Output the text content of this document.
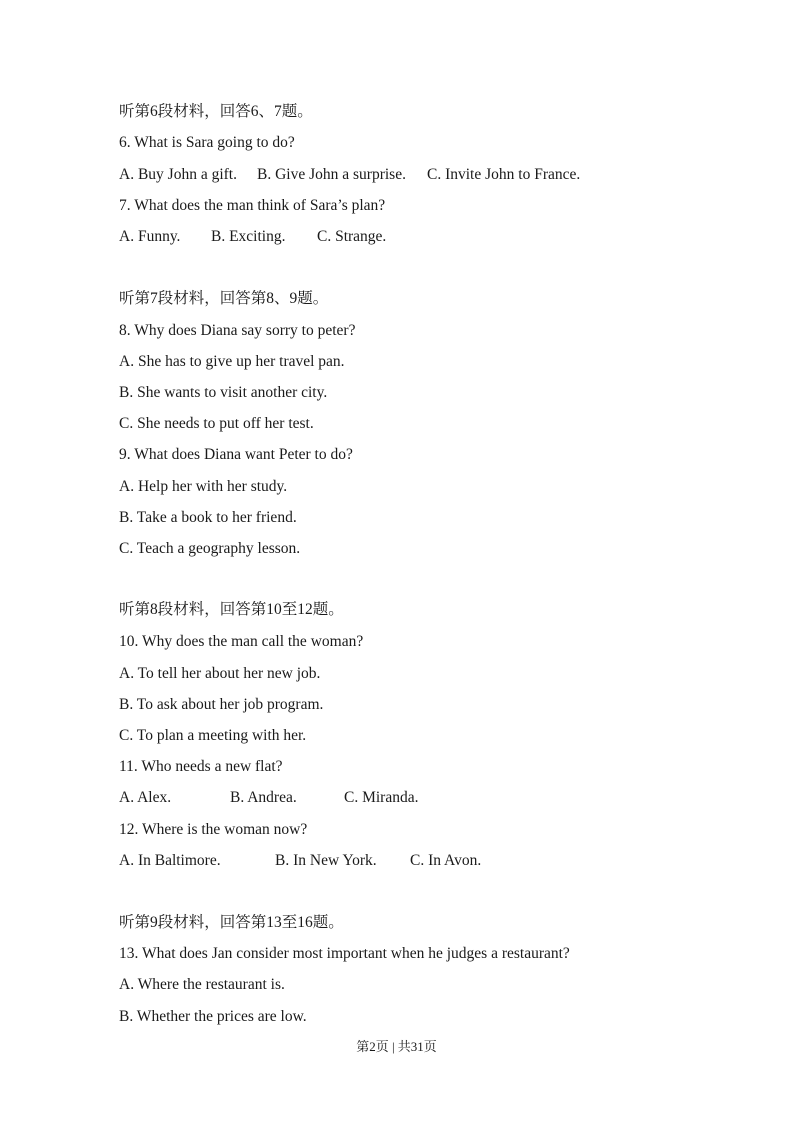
听第6段材料，回答6、7题。
6. What is Sara going to do?
A. Buy John a gift. B. Give John a surprise. C. Invite John to France.
7. What does the man think of Sara’s plan?
A. Funny. B. Exciting. C. Strange.
听第7段材料，回答第8、9题。
8. Why does Diana say sorry to peter?
A. She has to give up her travel pan.
B. She wants to visit another city.
C. She needs to put off her test.
9. What does Diana want Peter to do?
A. Help her with her study.
B. Take a book to her friend.
C. Teach a geography lesson.
听第8段材料，回答第10至12题。
10. Why does the man call the woman?
A. To tell her about her new job.
B. To ask about her job program.
C. To plan a meeting with her.
11. Who needs a new flat?
A. Alex.	B. Andrea.	C. Miranda.
12. Where is the woman now?
A. In Baltimore.	B. In New York. C. In Avon.
听第9段材料，回答第13至16题。
13. What does Jan consider most important when he judges a restaurant?
A. Where the restaurant is.
B. Whether the prices are low.
第2页 | 共31页
